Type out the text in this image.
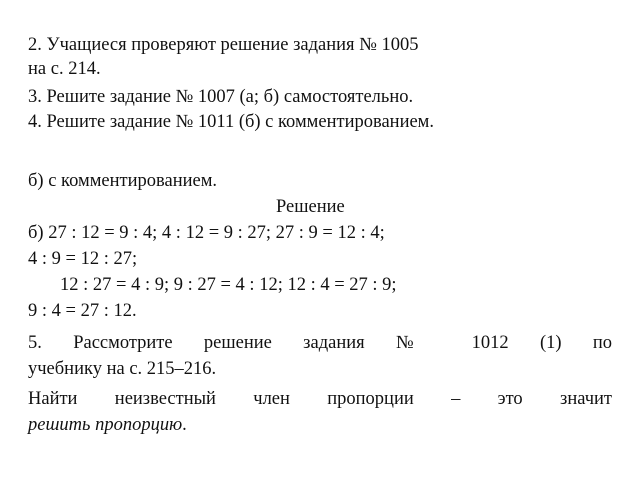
2. Учащиеся проверяют решение задания № 1005
на с. 214.
3. Решите задание № 1007 (а; б) самостоятельно.
4. Решите задание № 1011 (б) с комментированием.
б) с комментированием.
Решение
б) 27 : 12 = 9 : 4; 4 : 12 = 9 : 27; 27 : 9 = 12 : 4;
4 : 9 = 12 : 27;
12 : 27 = 4 : 9; 9 : 27 = 4 : 12; 12 : 4 = 27 : 9;
9 : 4 = 27 : 12.
5. Рассмотрите решение задания № 1012 (1) по
учебнику на с. 215–216.
Найти неизвестный член пропорции – это значит
решить пропорцию.
